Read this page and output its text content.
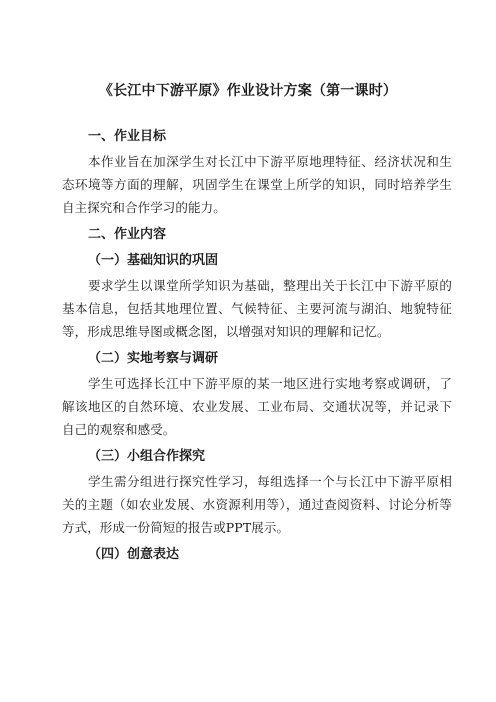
《长江中下游平原》作业设计方案（第一课时）

一、作业目标

本作业旨在加深学生对长江中下游平原地理特征、经济状况和生态环境等方面的理解，巩固学生在课堂上所学的知识，同时培养学生自主探究和合作学习的能力。

二、作业内容

（一）基础知识的巩固

要求学生以课堂所学知识为基础，整理出关于长江中下游平原的基本信息，包括其地理位置、气候特征、主要河流与湖泊、地貌特征等，形成思维导图或概念图，以增强对知识的理解和记忆。

（二）实地考察与调研

学生可选择长江中下游平原的某一地区进行实地考察或调研，了解该地区的自然环境、农业发展、工业布局、交通状况等，并记录下自己的观察和感受。

（三）小组合作探究

学生需分组进行探究性学习，每组选择一个与长江中下游平原相关的主题（如农业发展、水资源利用等），通过查阅资料、讨论分析等方式，形成一份简短的报告或PPT展示。

（四）创意表达
